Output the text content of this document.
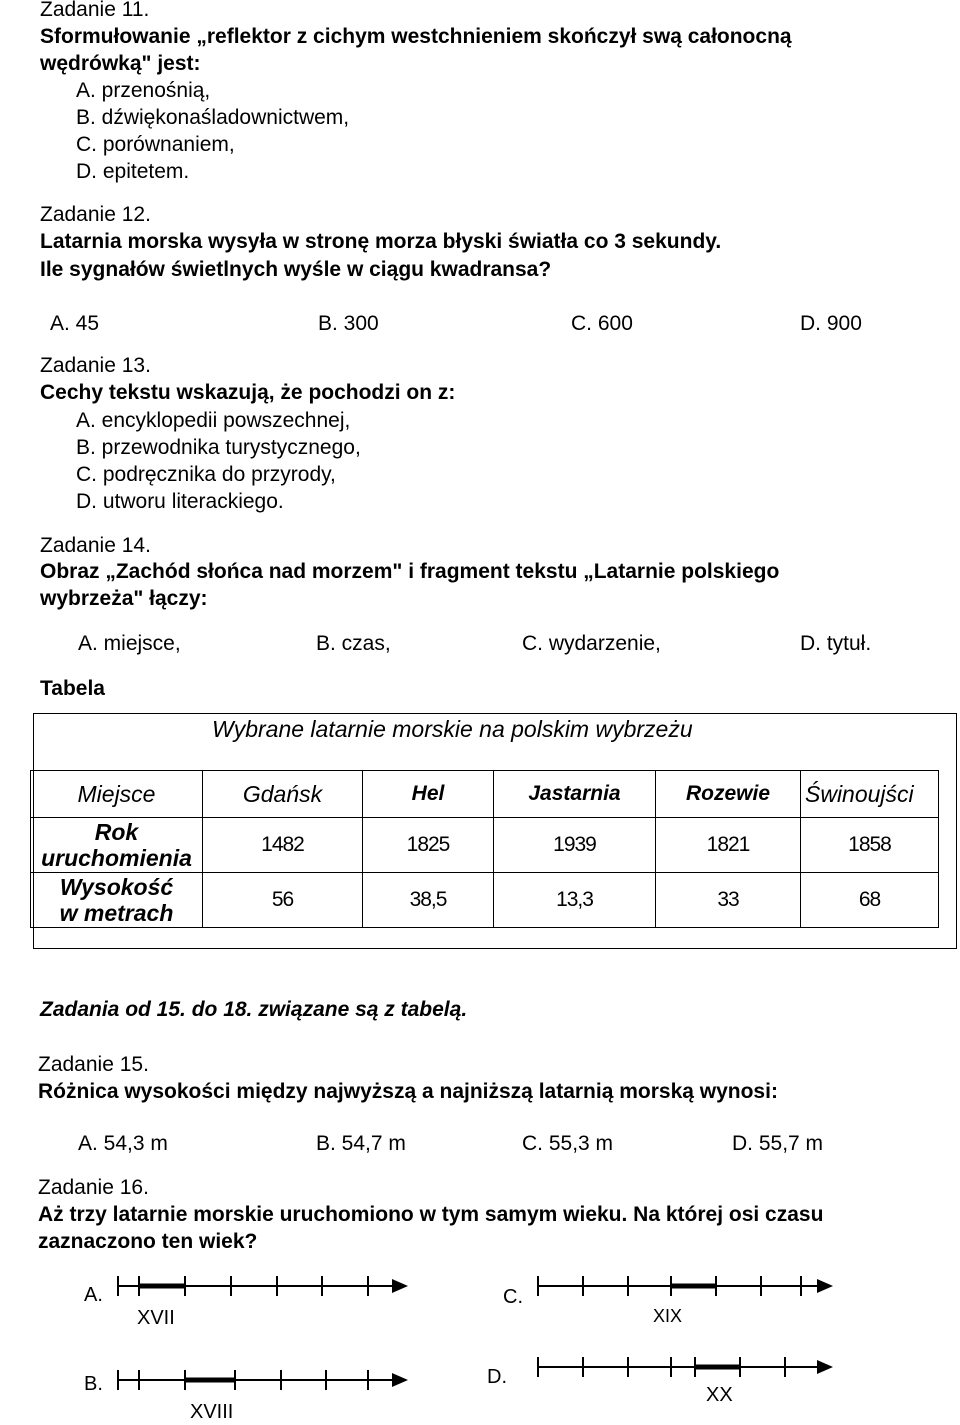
Zadanie 11.
Sformułowanie „reflektor z cichym westchnieniem skończył swą całonocną
wędrówką" jest:
A. przenośnią,
B. dźwiękonaśladownictwem,
C. porównaniem,
D. epitetem.
Zadanie 12.
Latarnia morska wysyła w stronę morza błyski światła co 3 sekundy.
Ile sygnałów świetlnych wyśle w ciągu kwadransa?
A. 45	B. 300	C. 600	D. 900
Zadanie 13.
Cechy tekstu wskazują, że pochodzi on z:
A. encyklopedii powszechnej,
B. przewodnika turystycznego,
C. podręcznika do przyrody,
D. utworu literackiego.
Zadanie 14.
Obraz „Zachód słońca nad morzem" i fragment tekstu „Latarnie polskiego
wybrzeża" łączy:
A. miejsce,	B. czas,	C. wydarzenie,	D. tytuł.
Tabela
Wybrane latarnie morskie na polskim wybrzeżu
Miejsce	Gdańsk	Hel	Jastarnia	Rozewie	Świnoujści

Rok
uruchomienia	1482	1825	1939	1821	1858

Wysokość
w metrach	56	38,5	13,3	33	68
Zadania od 15. do 18. związane są z tabelą.
Zadanie 15.
Różnica wysokości między najwyższą a najniższą latarnią morską wynosi:
A. 54,3 m	B. 54,7 m	C. 55,3 m	D. 55,7 m
Zadanie 16.
Aż trzy latarnie morskie uruchomiono w tym samym wieku. Na której osi czasu
zaznaczono ten wiek?
A.
XVII
C.
XIX
B.
XVIII
D.
XX
